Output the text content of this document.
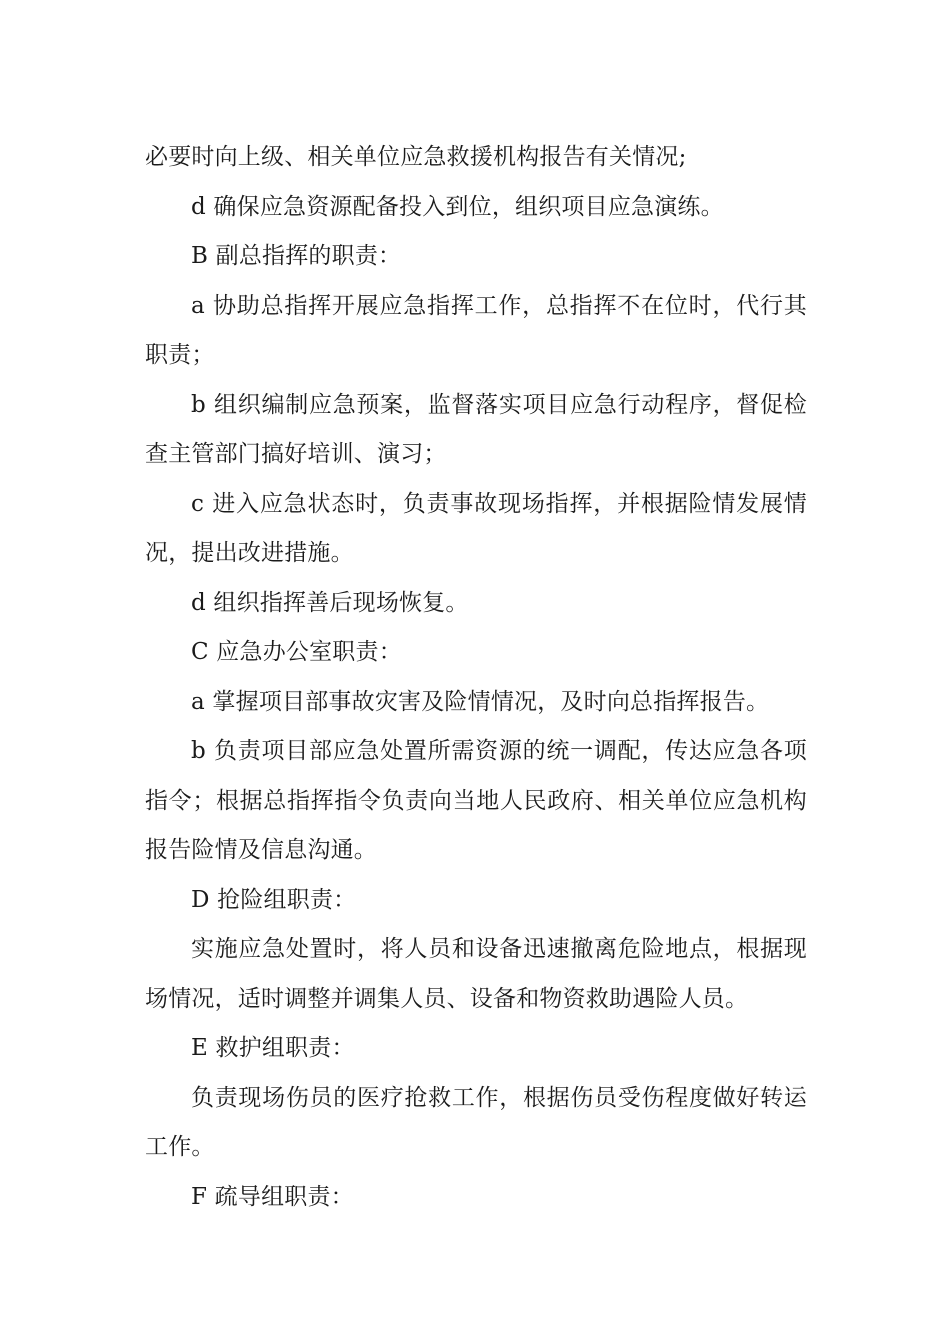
必要时向上级、相关单位应急救援机构报告有关情况;

d 确保应急资源配备投入到位，组织项目应急演练。

B 副总指挥的职责：

a 协助总指挥开展应急指挥工作，总指挥不在位时，代行其职责；

b 组织编制应急预案，监督落实项目应急行动程序，督促检查主管部门搞好培训、演习；

c 进入应急状态时，负责事故现场指挥，并根据险情发展情况，提出改进措施。

d 组织指挥善后现场恢复。

C 应急办公室职责：

a 掌握项目部事故灾害及险情情况，及时向总指挥报告。

b 负责项目部应急处置所需资源的统一调配，传达应急各项指令；根据总指挥指令负责向当地人民政府、相关单位应急机构报告险情及信息沟通。

D 抢险组职责：

实施应急处置时，将人员和设备迅速撤离危险地点，根据现场情况，适时调整并调集人员、设备和物资救助遇险人员。

E 救护组职责：

负责现场伤员的医疗抢救工作，根据伤员受伤程度做好转运工作。

F 疏导组职责：
